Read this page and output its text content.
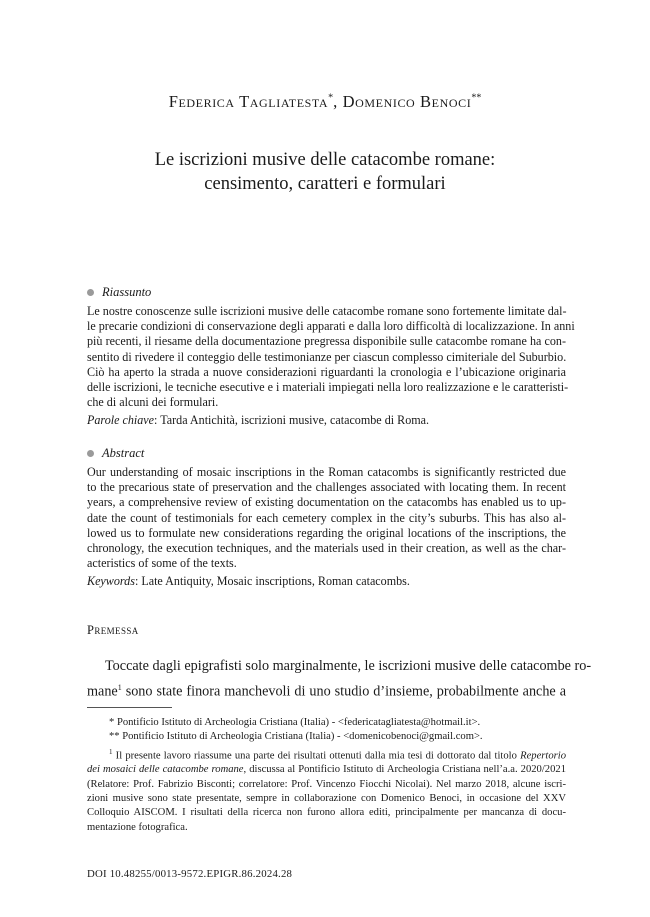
Federica Tagliatesta*, Domenico Benoci**
Le iscrizioni musive delle catacombe romane:
censimento, caratteri e formulari
Riassunto
Le nostre conoscenze sulle iscrizioni musive delle catacombe romane sono fortemente limitate dal-
le precarie condizioni di conservazione degli apparati e dalla loro difficoltà di localizzazione. In anni
più recenti, il riesame della documentazione pregressa disponibile sulle catacombe romane ha con-
sentito di rivedere il conteggio delle testimonianze per ciascun complesso cimiteriale del Suburbio.
Ciò ha aperto la strada a nuove considerazioni riguardanti la cronologia e l’ubicazione originaria
delle iscrizioni, le tecniche esecutive e i materiali impiegati nella loro realizzazione e le caratteristi-
che di alcuni dei formulari.
Parole chiave: Tarda Antichità, iscrizioni musive, catacombe di Roma.
Abstract
Our understanding of mosaic inscriptions in the Roman catacombs is significantly restricted due
to the precarious state of preservation and the challenges associated with locating them. In recent
years, a comprehensive review of existing documentation on the catacombs has enabled us to up-
date the count of testimonials for each cemetery complex in the city’s suburbs. This has also al-
lowed us to formulate new considerations regarding the original locations of the inscriptions, the
chronology, the execution techniques, and the materials used in their creation, as well as the char-
acteristics of some of the texts.
Keywords: Late Antiquity, Mosaic inscriptions, Roman catacombs.
Premessa
Toccate dagli epigrafisti solo marginalmente, le iscrizioni musive delle catacombe ro-
mane$^1$ sono state finora manchevoli di uno studio d’insieme, probabilmente anche a
* Pontificio Istituto di Archeologia Cristiana (Italia) - <federicatagliatesta@hotmail.it>.
** Pontificio Istituto di Archeologia Cristiana (Italia) - <domenicobenoci@gmail.com>.
$^1$ Il presente lavoro riassume una parte dei risultati ottenuti dalla mia tesi di dottorato dal titolo Repertorio
dei mosaici delle catacombe romane, discussa al Pontificio Istituto di Archeologia Cristiana nell’a.a. 2020/2021
(Relatore: Prof. Fabrizio Bisconti; correlatore: Prof. Vincenzo Fiocchi Nicolai). Nel marzo 2018, alcune iscri-
zioni musive sono state presentate, sempre in collaborazione con Domenico Benoci, in occasione del XXV
Colloquio AISCOM. I risultati della ricerca non furono allora editi, principalmente per mancanza di docu-
mentazione fotografica.
DOI 10.48255/0013-9572.EPIGR.86.2024.28
